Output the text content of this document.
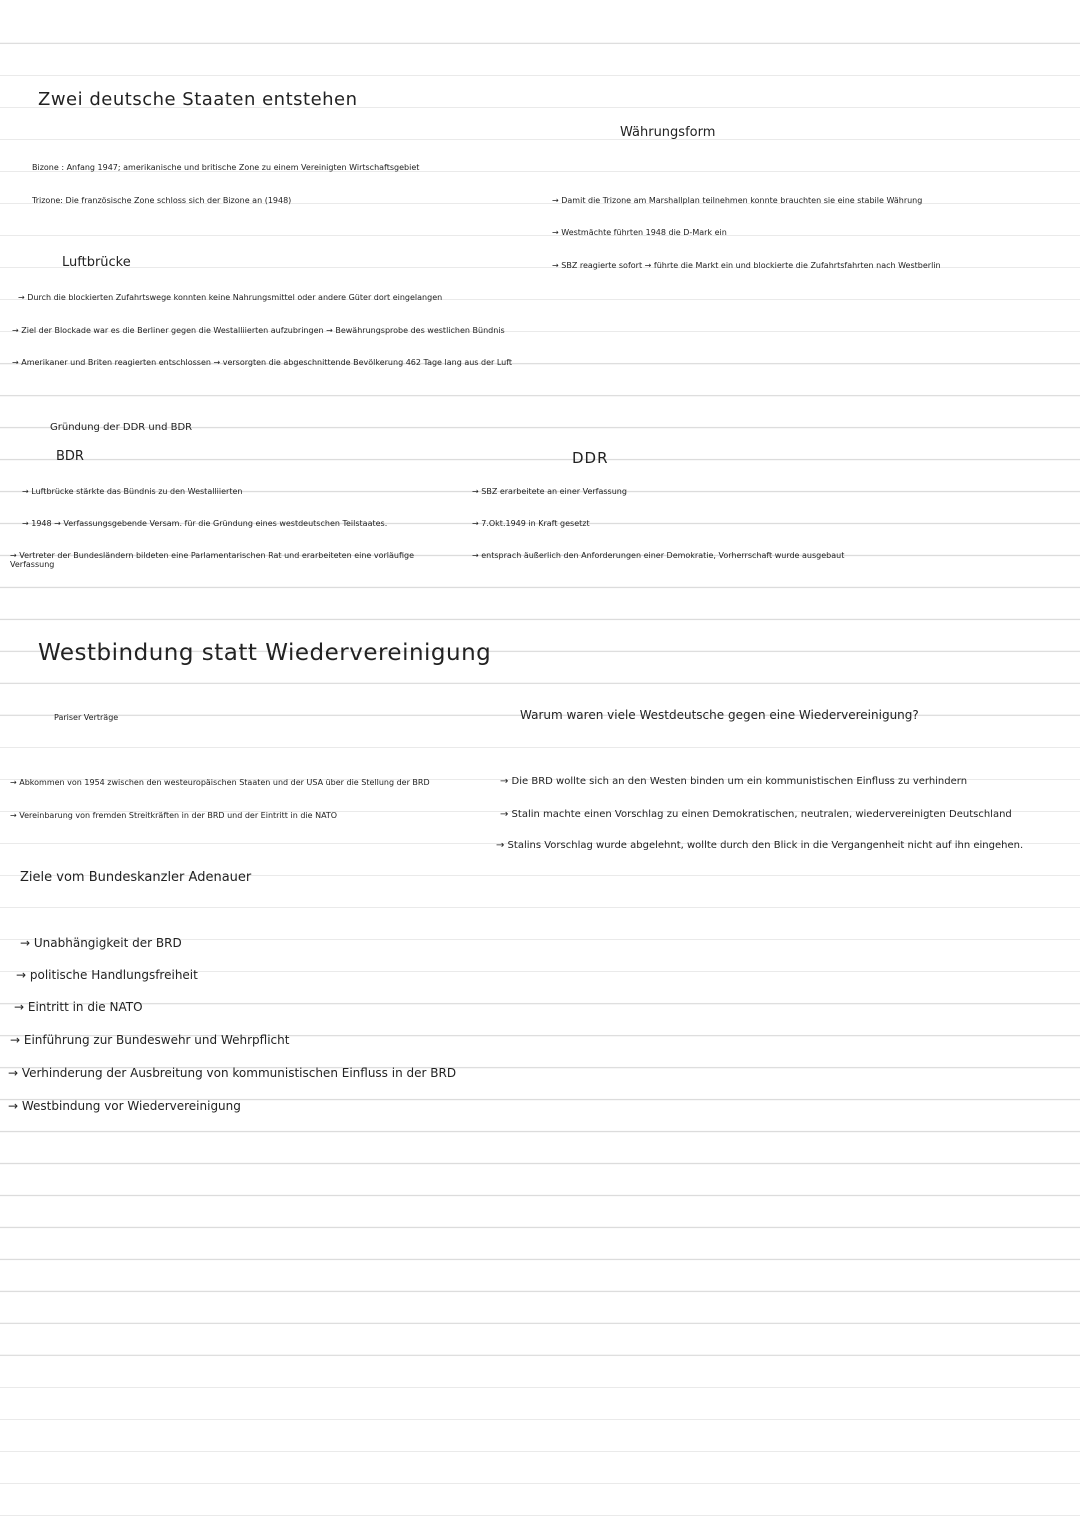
Zwei deutsche Staaten entstehen
Währungsform
Bizone : Anfang 1947; amerikanische und britische Zone zu einem Vereinigten Wirtschaftsgebiet
Trizone: Die französische Zone schloss sich der Bizone an (1948)	→ Damit die Trizone am Marshallplan teilnehmen konnte brauchten sie eine stabile Währung
→ Westmächte führten 1948 die D-Mark ein
→ SBZ reagierte sofort → führte die Markt ein und blockierte die Zufahrtsfahrten nach Westberlin
Luftbrücke
→ Durch die blockierten Zufahrtswege konnten keine Nahrungsmittel oder andere Güter dort eingelangen
→ Ziel der Blockade war es die Berliner gegen die Westalliierten aufzubringen → Bewährungsprobe des westlichen Bündnis
→ Amerikaner und Briten reagierten entschlossen → versorgten die abgeschnittende Bevölkerung 462 Tage lang aus der Luft
Gründung der DDR und BDR
BDR	DDR
→ Luftbrücke stärkte das Bündnis zu den Westalliierten
→ 1948 → Verfassungsgebende Versam. für die Gründung eines westdeutschen Teilstaates.
→ Vertreter der Bundesländern bildeten eine Parlamentarischen Rat und erarbeiteten eine vorläufige Verfassung
→ SBZ erarbeitete an einer Verfassung
→ 7.Okt.1949 in Kraft gesetzt
→ entsprach äußerlich den Anforderungen einer Demokratie, Vorherrschaft wurde ausgebaut
Westbindung statt Wiedervereinigung
Pariser Verträge	Warum waren viele Westdeutsche gegen eine Wiedervereinigung?
→ Abkommen von 1954 zwischen den westeuropäischen Staaten und der USA über die Stellung der BRD
→ Vereinbarung von fremden Streitkräften in der BRD und der Eintritt in die NATO
→ Die BRD wollte sich an den Westen binden um ein kommunistischen Einfluss zu verhindern
→ Stalin machte einen Vorschlag zu einen Demokratischen, neutralen, wiedervereinigten Deutschland
→ Stalins Vorschlag wurde abgelehnt, wollte durch den Blick in die Vergangenheit nicht auf ihn eingehen.
Ziele vom Bundeskanzler Adenauer
→ Unabhängigkeit der BRD
→ politische Handlungsfreiheit
→ Eintritt in die NATO
→ Einführung zur Bundeswehr und Wehrpflicht
→ Verhinderung der Ausbreitung von kommunistischen Einfluss in der BRD
→ Westbindung vor Wiedervereinigung
